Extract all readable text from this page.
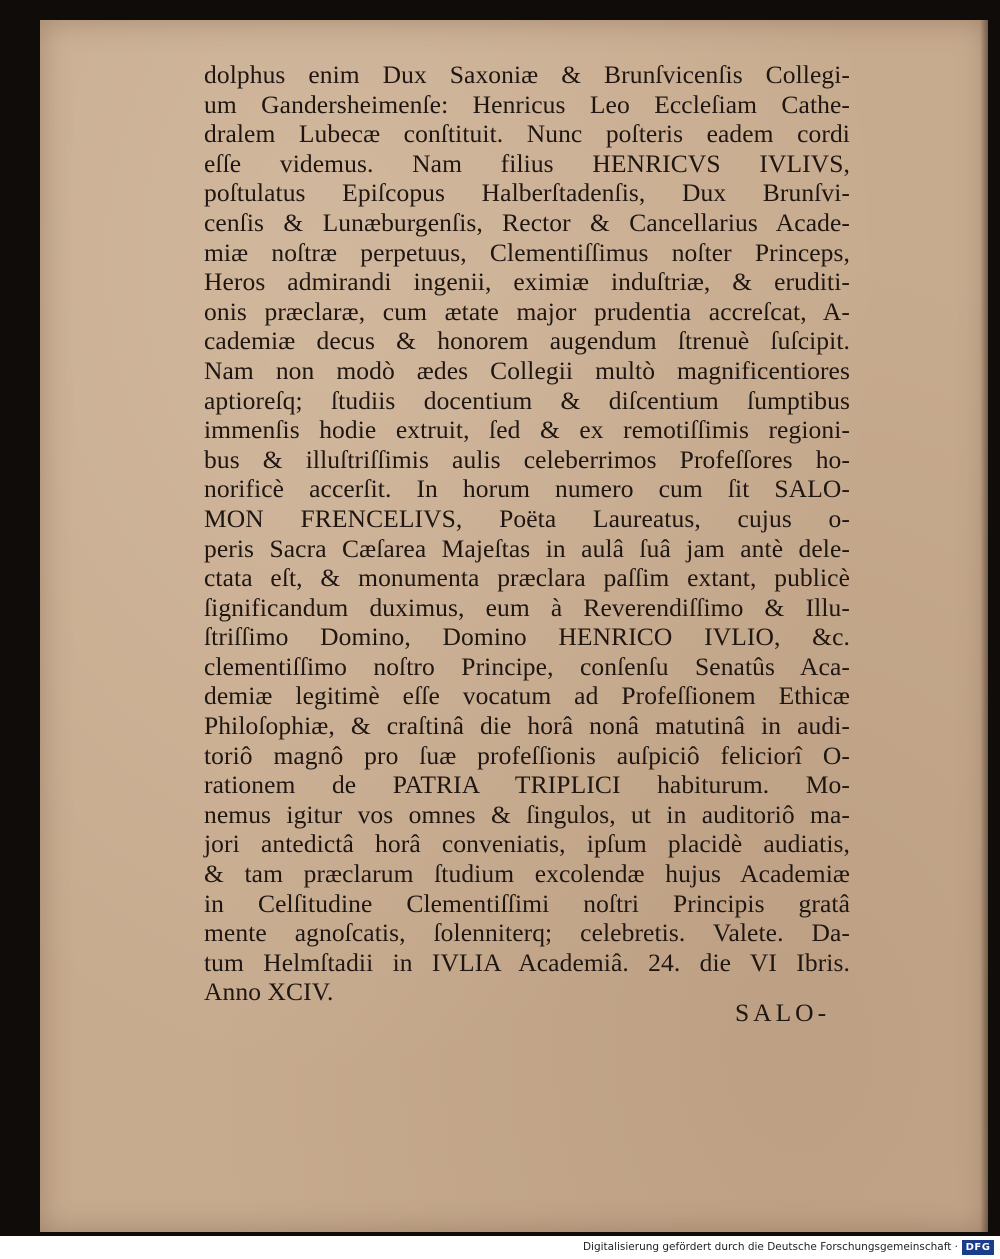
dolphus enim Dux Saxoniæ & Brunſvicenſis Collegi-
um Gandersheimenſe: Henricus Leo Eccleſiam Cathe-
dralem Lubecæ conſtituit. Nunc poſteris eadem cordi
eſſe videmus. Nam filius HENRICVS IVLIVS,
poſtulatus Epiſcopus Halberſtadenſis, Dux Brunſvi-
cenſis & Lunæburgenſis, Rector & Cancellarius Acade-
miæ noſtræ perpetuus, Clementiſſimus noſter Princeps,
Heros admirandi ingenii, eximiæ induſtriæ, & eruditi-
onis præclaræ, cum ætate major prudentia accreſcat, A-
cademiæ decus & honorem augendum ſtrenuè ſuſcipit.
Nam non modò ædes Collegii multò magnificentiores
aptioreſq; ſtudiis docentium & diſcentium ſumptibus
immenſis hodie extruit, ſed & ex remotiſſimis regioni-
bus & illuſtriſſimis aulis celeberrimos Profeſſores ho-
norificè accerſit. In horum numero cum ſit SALO-
MON FRENCELIVS, Poëta Laureatus, cujus o-
peris Sacra Cæſarea Majeſtas in aulâ ſuâ jam antè dele-
ctata eſt, & monumenta præclara paſſim extant, publicè
ſignificandum duximus, eum à Reverendiſſimo & Illu-
ſtriſſimo Domino, Domino HENRICO IVLIO, &c.
clementiſſimo noſtro Principe, conſenſu Senatûs Aca-
demiæ legitimè eſſe vocatum ad Profeſſionem Ethicæ
Philoſophiæ, & craſtinâ die horâ nonâ matutinâ in audi-
toriô magnô pro ſuæ profeſſionis auſpiciô feliciorî O-
rationem de PATRIA TRIPLICI habiturum. Mo-
nemus igitur vos omnes & ſingulos, ut in auditoriô ma-
jori antedictâ horâ conveniatis, ipſum placidè audiatis,
& tam præclarum ſtudium excolendæ hujus Academiæ
in Celſitudine Clementiſſimi noſtri Principis gratâ
mente agnoſcatis, ſolenniterq; celebretis. Valete. Da-
tum Helmſtadii in IVLIA Academiâ. 24. die VI Ibris.
Anno XCIV.
SALO-
Digitalisierung gefördert durch die Deutsche Forschungsgemeinschaft · DFG
